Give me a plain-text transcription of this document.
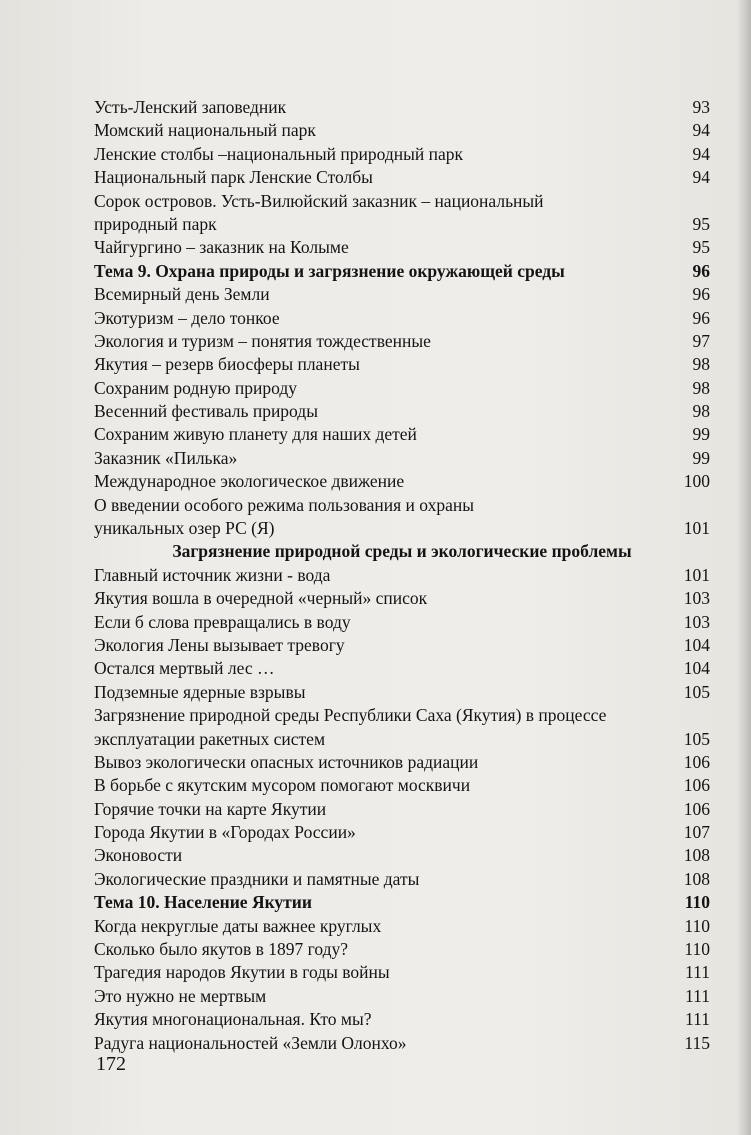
Усть-Ленский заповедник	93
Момский национальный парк	94
Ленские столбы –национальный природный парк	94
Национальный парк Ленские Столбы	94
Сорок островов. Усть-Вилюйский заказник – национальный
природный парк	95
Чайгургино – заказник на Колыме	95
Тема 9. Охрана природы и загрязнение окружающей среды	96
Всемирный день Земли	96
Экотуризм – дело тонкое	96
Экология и туризм – понятия тождественные	97
Якутия – резерв биосферы планеты	98
Сохраним родную природу	98
Весенний фестиваль природы	98
Сохраним живую планету для наших детей	99
Заказник «Пилька»	99
Международное экологическое движение	100
О введении особого режима пользования и охраны
уникальных озер РС (Я)	101
Загрязнение природной среды и экологические проблемы
Главный источник жизни - вода	101
Якутия вошла в очередной «черный» список	103
Если б слова превращались в воду	103
Экология Лены вызывает тревогу	104
Остался мертвый лес …	104
Подземные ядерные взрывы	105
Загрязнение природной среды Республики Саха (Якутия) в процессе
эксплуатации ракетных систем	105
Вывоз экологически опасных источников радиации	106
В борьбе с якутским мусором помогают москвичи	106
Горячие точки на карте Якутии	106
Города Якутии в «Городах России»	107
Эконовости	108
Экологические праздники и памятные даты	108
Тема 10. Население Якутии	110
Когда некруглые даты важнее круглых	110
Сколько было якутов в 1897 году?	110
Трагедия народов Якутии в годы войны	111
Это нужно не мертвым	111
Якутия многонациональная. Кто мы?	111
Радуга национальностей «Земли Олонхо»	115
172
